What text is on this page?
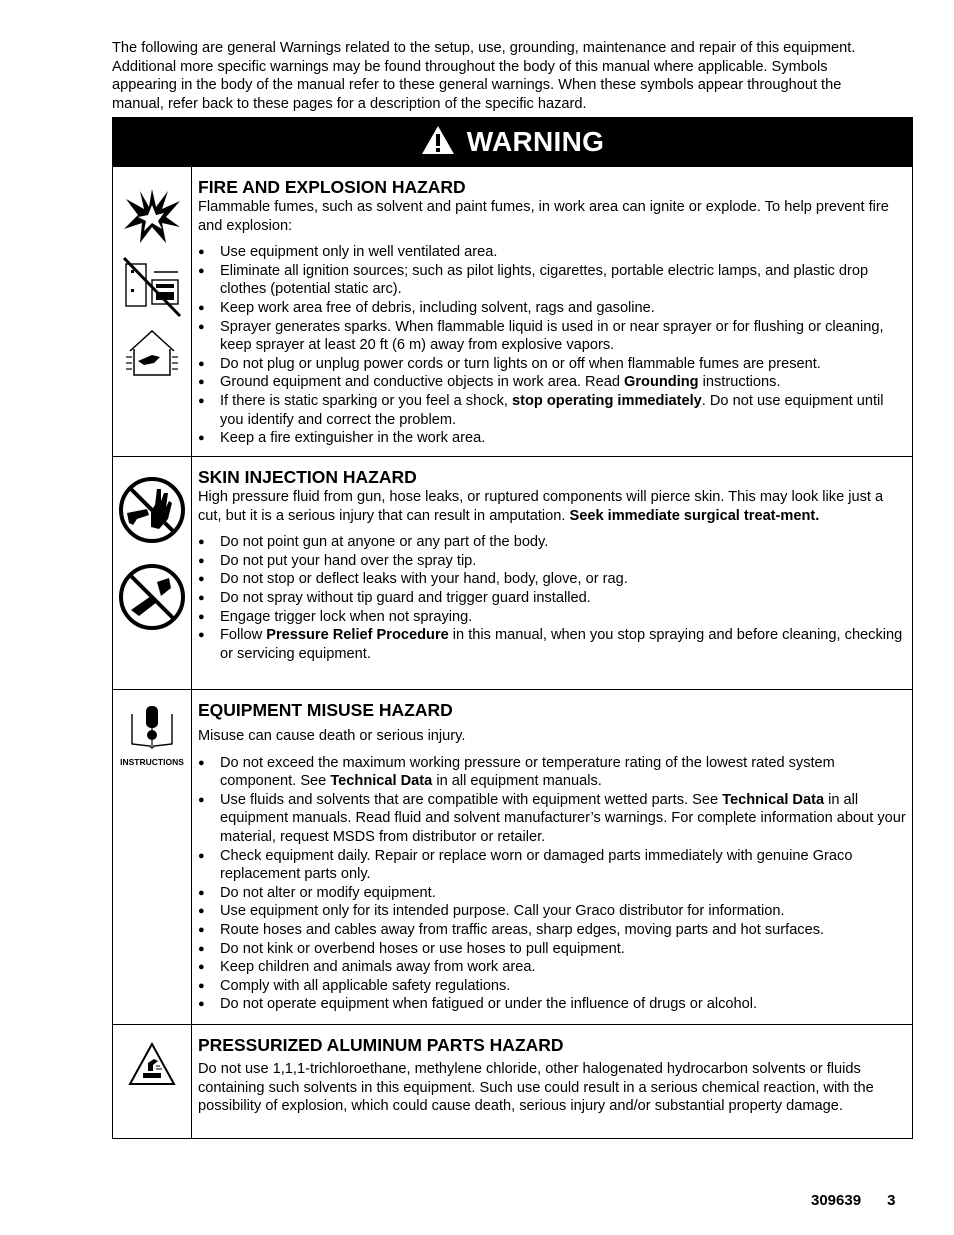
The following are general Warnings related to the setup, use, grounding, maintenance and repair of this equipment.

Additional more specific warnings may be found throughout the body of this manual where applicable. Symbols

appearing in the body of the manual refer to these general warnings. When these symbols appear throughout the

manual, refer back to these pages for a description of the specific hazard.

WARNING
FIRE AND EXPLOSION HAZARD

Flammable fumes, such as solvent and paint fumes, in work area can ignite or explode. To help prevent fire and explosion:

● Use equipment only in well ventilated area.
● Eliminate all ignition sources; such as pilot lights, cigarettes, portable electric lamps, and plastic drop clothes (potential static arc).
● Keep work area free of debris, including solvent, rags and gasoline.
● Sprayer generates sparks. When flammable liquid is used in or near sprayer or for flushing or cleaning, keep sprayer at least 20 ft (6 m) away from explosive vapors.
● Do not plug or unplug power cords or turn lights on or off when flammable fumes are present.
● Ground equipment and conductive objects in work area. Read Grounding instructions.
● If there is static sparking or you feel a shock, stop operating immediately. Do not use equipment until you identify and correct the problem.
● Keep a fire extinguisher in the work area.
SKIN INJECTION HAZARD

High pressure fluid from gun, hose leaks, or ruptured components will pierce skin. This may look like just a cut, but it is a serious injury that can result in amputation. Seek immediate surgical treat-ment.

● Do not point gun at anyone or any part of the body.
● Do not put your hand over the spray tip.
● Do not stop or deflect leaks with your hand, body, glove, or rag.
● Do not spray without tip guard and trigger guard installed.
● Engage trigger lock when not spraying.
● Follow Pressure Relief Procedure in this manual, when you stop spraying and before cleaning, checking or servicing equipment.
INSTRUCTIONS
EQUIPMENT MISUSE HAZARD

Misuse can cause death or serious injury.

● Do not exceed the maximum working pressure or temperature rating of the lowest rated system component. See Technical Data in all equipment manuals.
● Use fluids and solvents that are compatible with equipment wetted parts. See Technical Data in all equipment manuals. Read fluid and solvent manufacturer’s warnings. For complete information about your material, request MSDS from distributor or retailer.
● Check equipment daily. Repair or replace worn or damaged parts immediately with genuine Graco replacement parts only.
● Do not alter or modify equipment.
● Use equipment only for its intended purpose. Call your Graco distributor for information.
● Route hoses and cables away from traffic areas, sharp edges, moving parts and hot surfaces.
● Do not kink or overbend hoses or use hoses to pull equipment.
● Keep children and animals away from work area.
● Comply with all applicable safety regulations.
● Do not operate equipment when fatigued or under the influence of drugs or alcohol.
PRESSURIZED ALUMINUM PARTS HAZARD

Do not use 1,1,1-trichloroethane, methylene chloride, other halogenated hydrocarbon solvents or fluids containing such solvents in this equipment. Such use could result in a serious chemical reaction, with the possibility of explosion, which could cause death, serious injury and/or substantial property damage.

309639 3
